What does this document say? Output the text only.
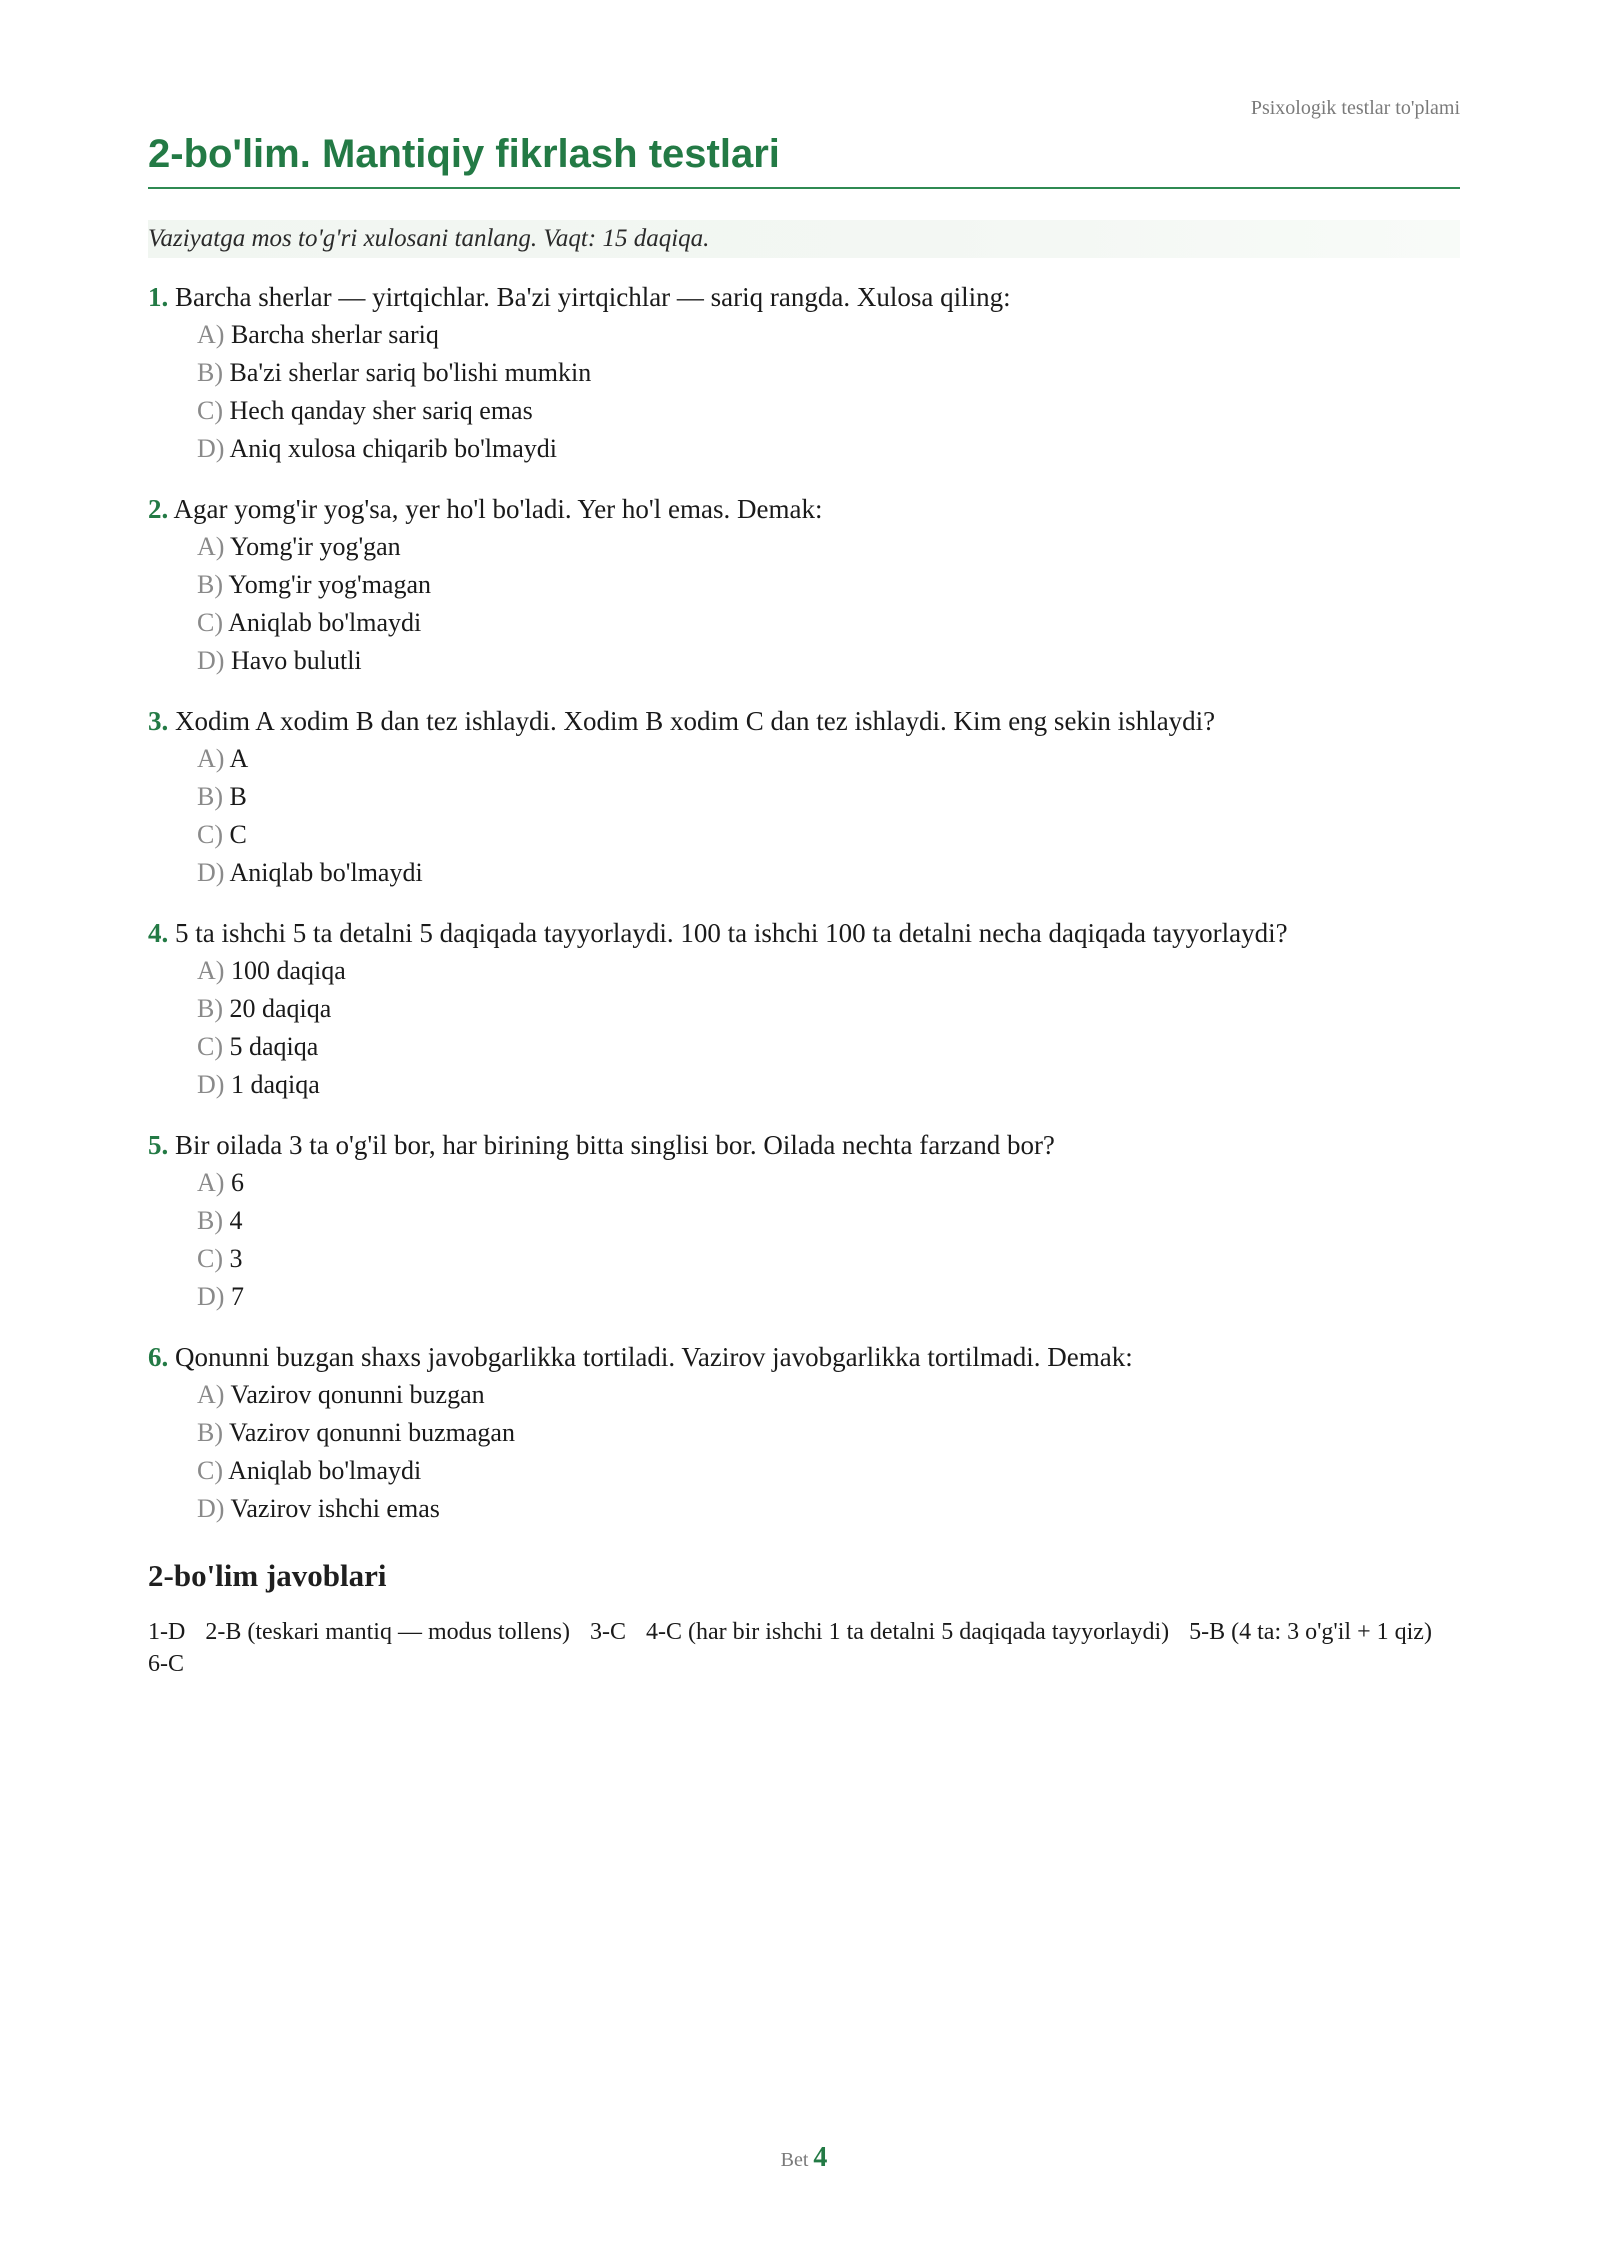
Psixologik testlar to'plami
2-bo'lim. Mantiqiy fikrlash testlari
Vaziyatga mos to'g'ri xulosani tanlang. Vaqt: 15 daqiqa.
1. Barcha sherlar — yirtqichlar. Ba'zi yirtqichlar — sariq rangda. Xulosa qiling:
A) Barcha sherlar sariq
B) Ba'zi sherlar sariq bo'lishi mumkin
C) Hech qanday sher sariq emas
D) Aniq xulosa chiqarib bo'lmaydi
2. Agar yomg'ir yog'sa, yer ho'l bo'ladi. Yer ho'l emas. Demak:
A) Yomg'ir yog'gan
B) Yomg'ir yog'magan
C) Aniqlab bo'lmaydi
D) Havo bulutli
3. Xodim A xodim B dan tez ishlaydi. Xodim B xodim C dan tez ishlaydi. Kim eng sekin ishlaydi?
A) A
B) B
C) C
D) Aniqlab bo'lmaydi
4. 5 ta ishchi 5 ta detalni 5 daqiqada tayyorlaydi. 100 ta ishchi 100 ta detalni necha daqiqada tayyorlaydi?
A) 100 daqiqa
B) 20 daqiqa
C) 5 daqiqa
D) 1 daqiqa
5. Bir oilada 3 ta o'g'il bor, har birining bitta singlisi bor. Oilada nechta farzand bor?
A) 6
B) 4
C) 3
D) 7
6. Qonunni buzgan shaxs javobgarlikka tortiladi. Vazirov javobgarlikka tortilmadi. Demak:
A) Vazirov qonunni buzgan
B) Vazirov qonunni buzmagan
C) Aniqlab bo'lmaydi
D) Vazirov ishchi emas
2-bo'lim javoblari
1-D 2-B (teskari mantiq — modus tollens) 3-C 4-C (har bir ishchi 1 ta detalni 5 daqiqada tayyorlaydi) 5-B (4 ta: 3 o'g'il + 1 qiz) 6-C
Bet 4
